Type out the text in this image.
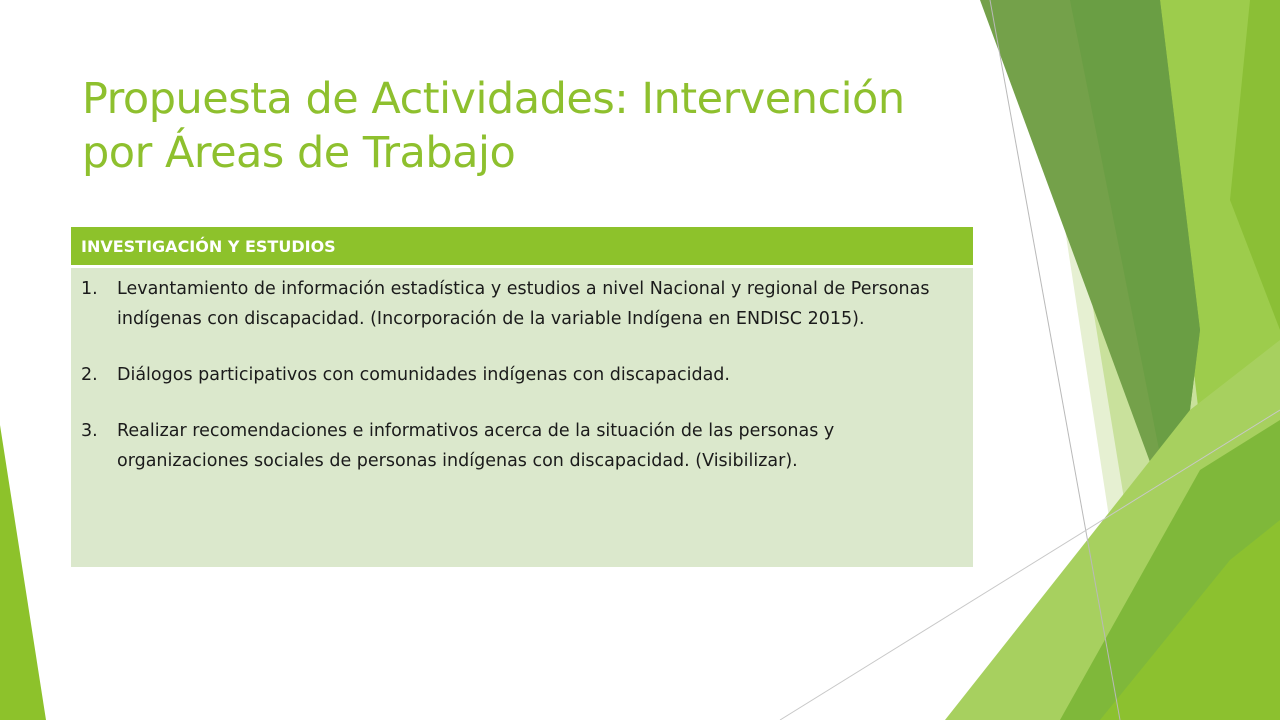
Propuesta de Actividades: Intervención por Áreas de Trabajo
INVESTIGACIÓN Y ESTUDIOS

1.	Levantamiento de información estadística y estudios a nivel Nacional y regional de Personas indígenas con discapacidad. (Incorporación de la variable Indígena en ENDISC 2015).
2.	Diálogos participativos con comunidades indígenas con discapacidad.
3.	Realizar recomendaciones e informativos acerca de la situación de las personas y organizaciones sociales de personas indígenas con discapacidad. (Visibilizar).
